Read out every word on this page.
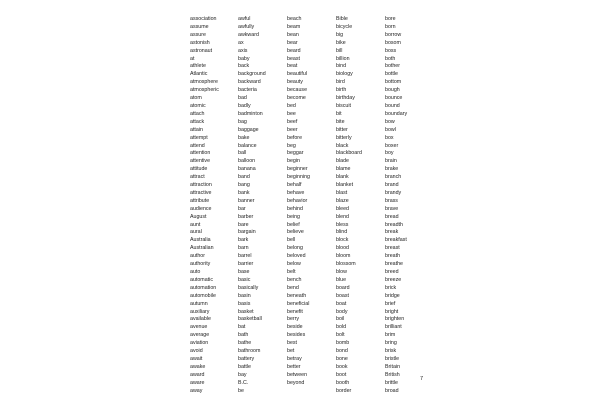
association
assume
assure
astonish
astronaut
at
athlete
Atlantic
atmosphere
atmospheric
atom
atomic
attach
attack
attain
attempt
attend
attention
attentive
attitude
attract
attraction
attractive
attribute
audience
August
aunt
aural
Australia
Australian
author
authority
auto
automatic
automation
automobile
autumn
auxiliary
available
avenue
average
aviation
avoid
await
awake
award
aware
away
awful
awfully
awkward
ax
axis
baby
back
background
backward
bacteria
bad
badly
badminton
bag
baggage
bake
balance
ball
balloon
banana
band
bang
bank
banner
bar
barber
bare
bargain
bark
barn
barrel
barrier
base
basic
basically
basin
basis
basket
basketball
bat
bath
bathe
bathroom
battery
battle
bay
B.C.
be
beach
beam
bean
bear
beard
beast
beat
beautiful
beauty
because
become
bed
bee
beef
beer
before
beg
beggar
begin
beginner
beginning
behalf
behave
behavior
behind
being
belief
believe
bell
belong
beloved
below
belt
bench
bend
beneath
beneficial
benefit
berry
beside
besides
best
bet
betray
better
between
beyond
Bible
bicycle
big
bike
bill
billion
bind
biology
bird
birth
birthday
biscuit
bit
bite
bitter
bitterly
black
blackboard
blade
blame
blank
blanket
blast
blaze
bleed
blend
bless
blind
block
blood
bloom
blossom
blow
blue
board
boast
boat
body
boil
bold
bolt
bomb
bond
bone
book
boot
booth
border
bore
born
borrow
bosom
boss
both
bother
bottle
bottom
bough
bounce
bound
boundary
bow
bowl
box
boxer
boy
brain
brake
branch
brand
brandy
brass
brave
bread
breadth
break
breakfast
breast
breath
breathe
breed
breeze
brick
bridge
brief
bright
brighten
brilliant
brim
bring
brisk
bristle
Britain
British
brittle
broad
7
